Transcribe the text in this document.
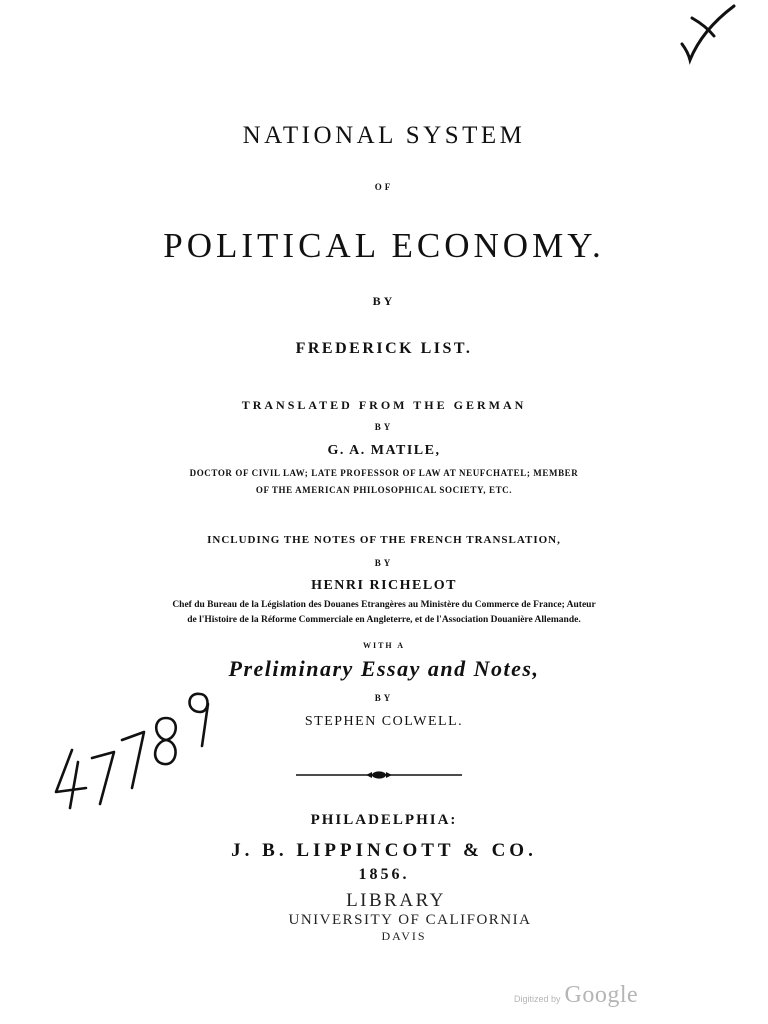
NATIONAL SYSTEM
OF
POLITICAL ECONOMY.
BY
FREDERICK LIST.
TRANSLATED FROM THE GERMAN
BY
G. A. MATILE,
DOCTOR OF CIVIL LAW; LATE PROFESSOR OF LAW AT NEUFCHATEL; MEMBER
OF THE AMERICAN PHILOSOPHICAL SOCIETY, ETC.
INCLUDING THE NOTES OF THE FRENCH TRANSLATION,
BY
HENRI RICHELOT
Chef du Bureau de la Législation des Douanes Etrangères au Ministère du Commerce de France; Auteur
de l'Histoire de la Réforme Commerciale en Angleterre, et de l'Association Douanière Allemande.
WITH A
Preliminary Essay and Notes,
BY
STEPHEN COLWELL.
PHILADELPHIA:
J. B. LIPPINCOTT & CO.
1856.
LIBRARY
UNIVERSITY OF CALIFORNIA
DAVIS
Digitized by Google
